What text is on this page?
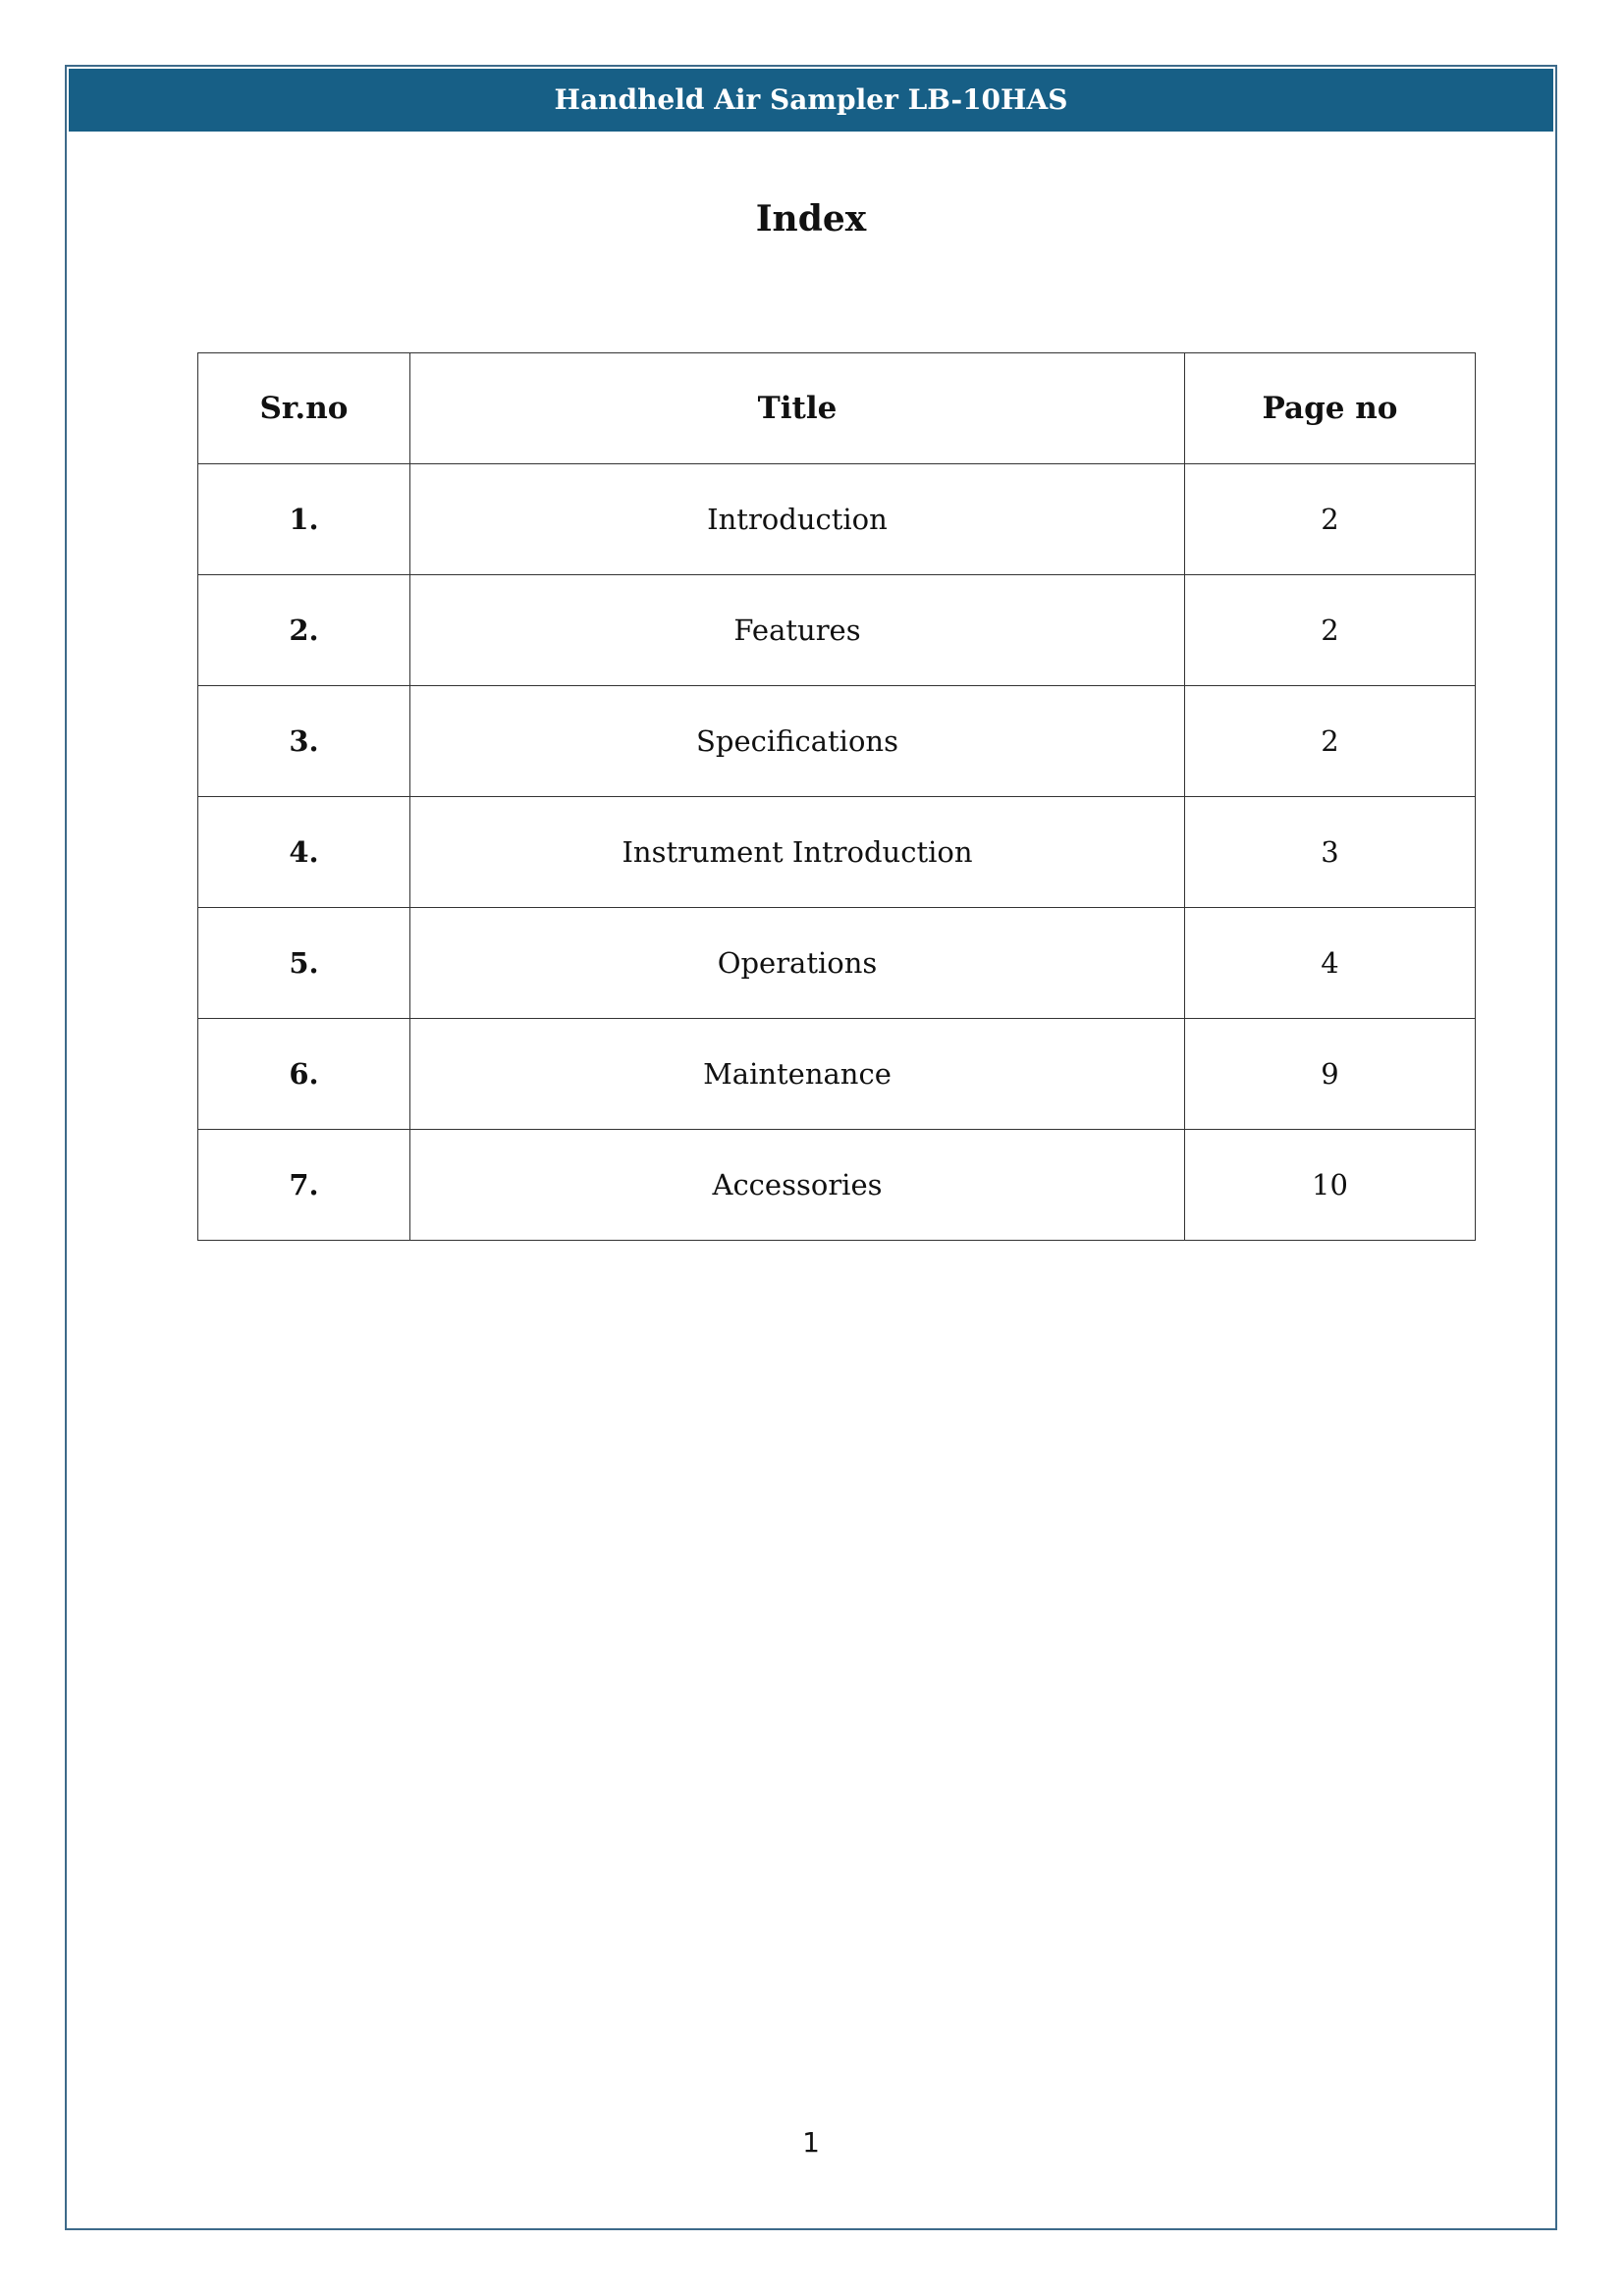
Handheld Air Sampler LB-10HAS
Index
Sr.no	Title	Page no
1.	Introduction	2
2.	Features	2
3.	Specifications	2
4.	Instrument Introduction	3
5.	Operations	4
6.	Maintenance	9
7.	Accessories	10
1
